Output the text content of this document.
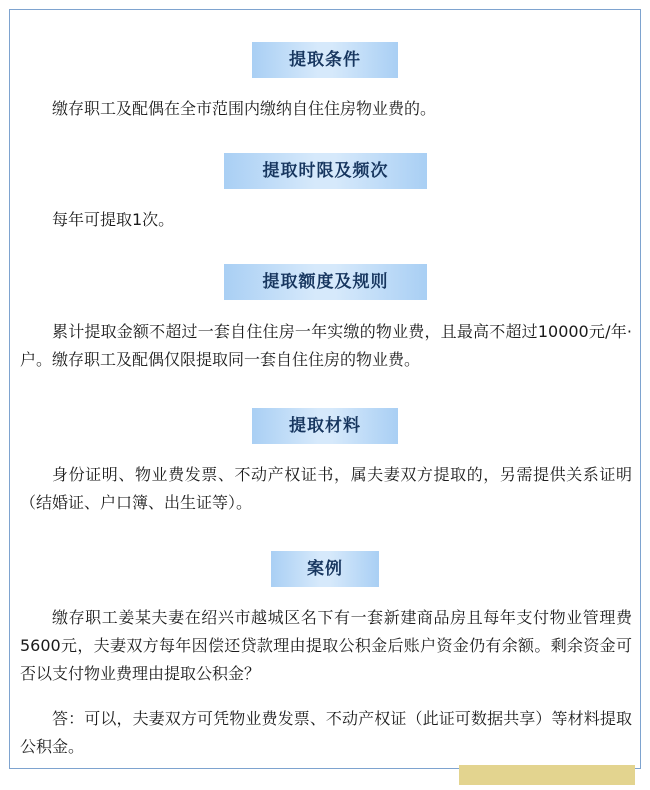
提取条件

缴存职工及配偶在全市范围内缴纳自住住房物业费的。

提取时限及频次

每年可提取1次。

提取额度及规则

累计提取金额不超过一套自住住房一年实缴的物业费，且最高不超过10000元/年·户。缴存职工及配偶仅限提取同一套自住住房的物业费。

提取材料

身份证明、物业费发票、不动产权证书，属夫妻双方提取的，另需提供关系证明（结婚证、户口簿、出生证等）。

案例

缴存职工姜某夫妻在绍兴市越城区名下有一套新建商品房且每年支付物业管理费5600元，夫妻双方每年因偿还贷款理由提取公积金后账户资金仍有余额。剩余资金可否以支付物业费理由提取公积金？

答：可以，夫妻双方可凭物业费发票、不动产权证（此证可数据共享）等材料提取公积金。
